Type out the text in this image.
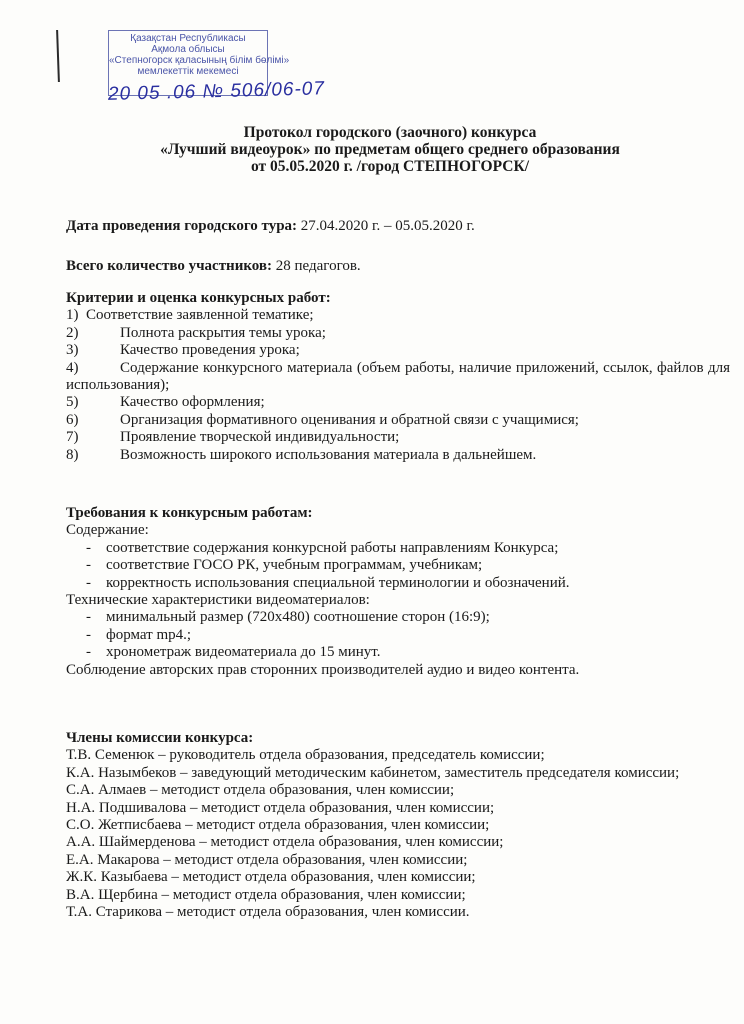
Қазақстан Республикасы
Ақмола облысы
«Степногорск қаласының білім бөлімі»
мемлекеттік мекемесі
20 05 .06 № 506/06-07
Протокол городского (заочного) конкурса
«Лучший видеоурок» по предметам общего среднего образования
от 05.05.2020 г. /город СТЕПНОГОРСК/
Дата проведения городского тура: 27.04.2020 г. – 05.05.2020 г.
Всего количество участников: 28 педагогов.
Критерии и оценка конкурсных работ:
1) Соответствие заявленной тематике;
2)	Полнота раскрытия темы урока;
3)	Качество проведения урока;
4)	Содержание конкурсного материала (объем работы, наличие приложений, ссылок, файлов для использования);
5)	Качество оформления;
6)	Организация формативного оценивания и обратной связи с учащимися;
7)	Проявление творческой индивидуальности;
8)	Возможность широкого использования материала в дальнейшем.
Требования к конкурсным работам:
Содержание:
-	соответствие содержания конкурсной работы направлениям Конкурса;
-	соответствие ГОСО РК, учебным программам, учебникам;
-	корректность использования специальной терминологии и обозначений.
Технические характеристики видеоматериалов:
-	минимальный размер (720х480) соотношение сторон (16:9);
-	формат mp4.;
-	хронометраж видеоматериала до 15 минут.
Соблюдение авторских прав сторонних производителей аудио и видео контента.
Члены комиссии конкурса:
Т.В. Семенюк – руководитель отдела образования, председатель комиссии;
К.А. Назымбеков – заведующий методическим кабинетом, заместитель председателя комиссии;
С.А. Алмаев – методист отдела образования, член комиссии;
Н.А. Подшивалова – методист отдела образования, член комиссии;
С.О. Жетписбаева – методист отдела образования, член комиссии;
А.А. Шаймерденова – методист отдела образования, член комиссии;
Е.А. Макарова – методист отдела образования, член комиссии;
Ж.К. Казыбаева – методист отдела образования, член комиссии;
В.А. Щербина – методист отдела образования, член комиссии;
Т.А. Старикова – методист отдела образования, член комиссии.
